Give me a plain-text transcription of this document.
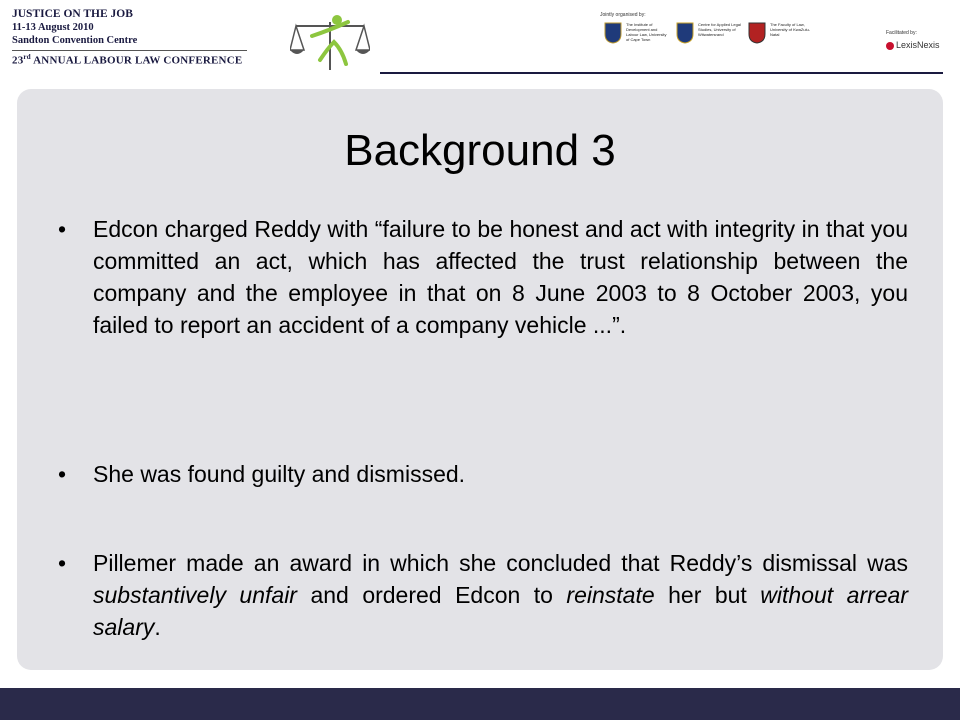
JUSTICE ON THE JOB
11-13 August 2010
Sandton Convention Centre
23rd ANNUAL LABOUR LAW CONFERENCE
Jointly organised by:
The Institute of Development and Labour Law, University of Cape Town
Centre for Applied Legal Studies, University of Witwatersrand
The Faculty of Law, University of KwaZulu-Natal	Facilitated by:
LexisNexis
Background 3
• Edcon charged Reddy with “failure to be honest and act with integrity in that you committed an act, which has affected the trust relationship between the company and the employee in that on 8 June 2003 to 8 October 2003, you failed to report an accident of a company vehicle ...”.
• She was found guilty and dismissed.
• Pillemer made an award in which she concluded that Reddy’s dismissal was substantively unfair and ordered Edcon to reinstate her but without arrear salary.
